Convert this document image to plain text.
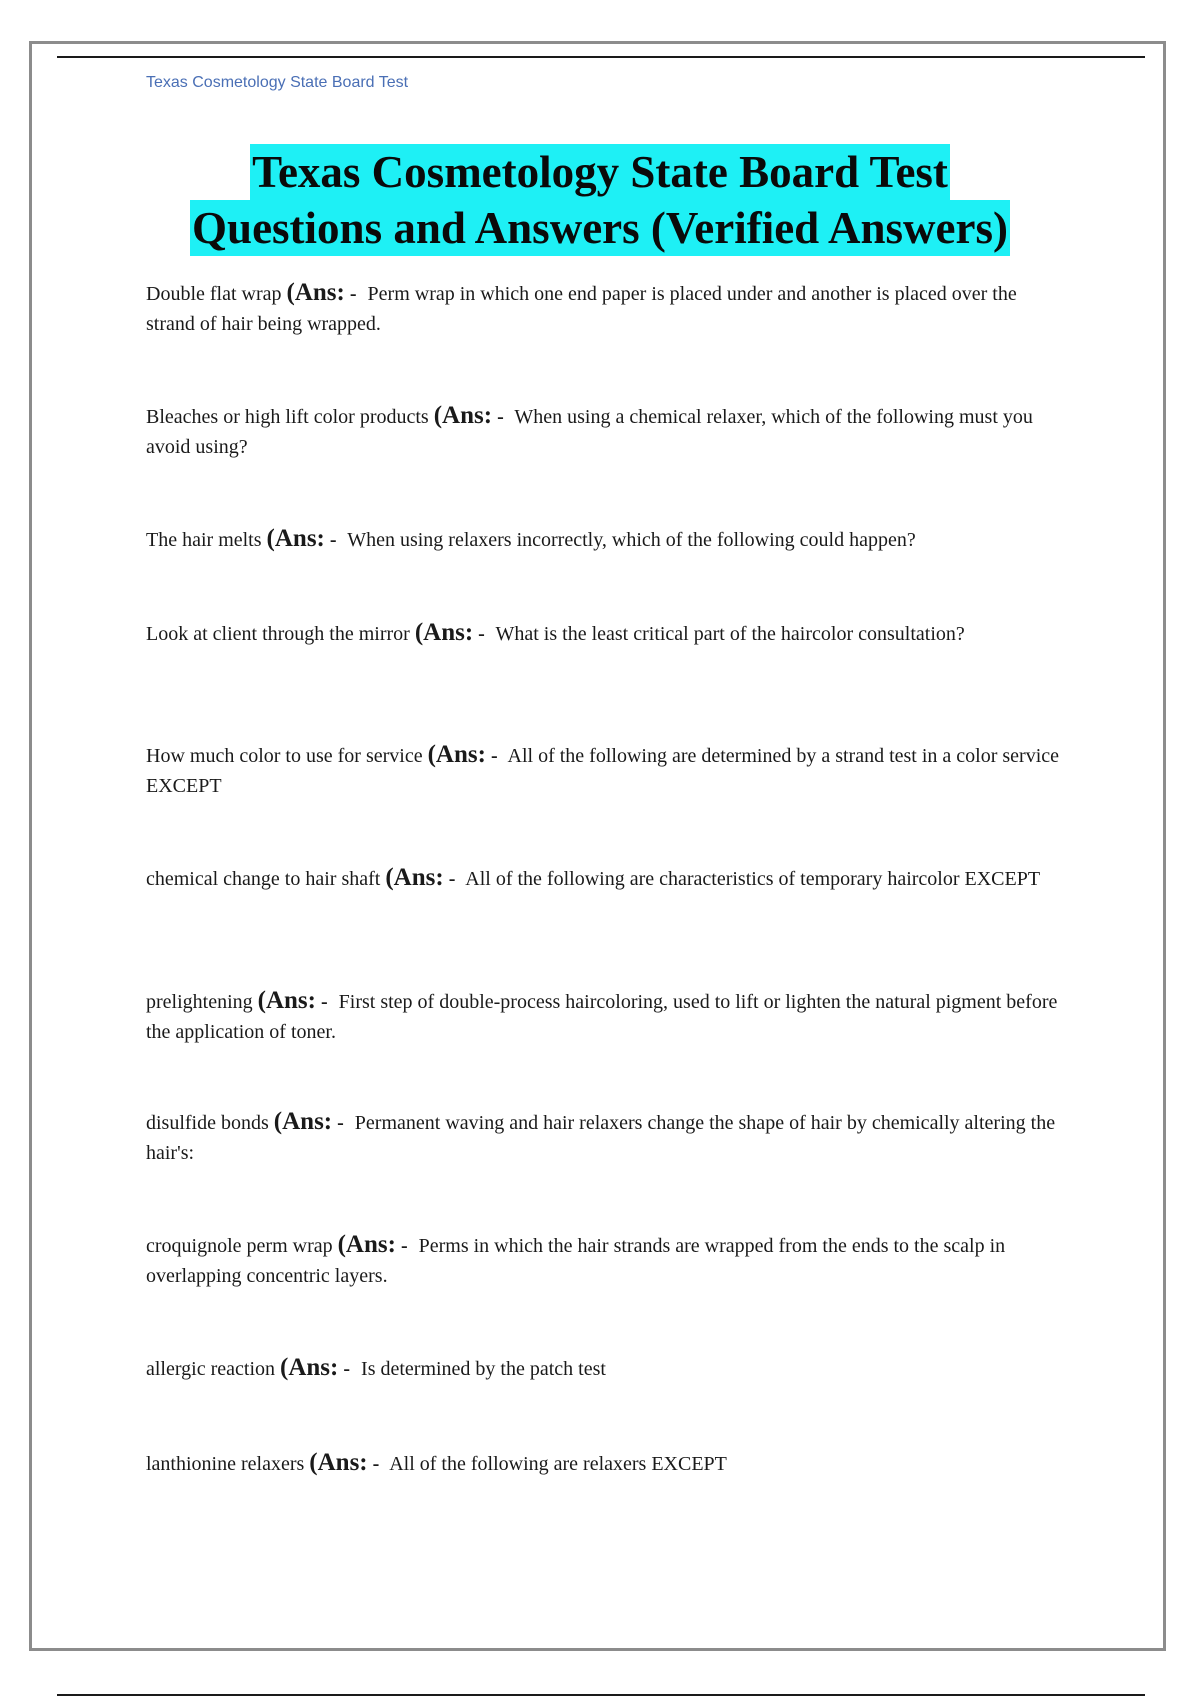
Texas Cosmetology State Board Test
Texas Cosmetology State Board Test
Questions and Answers (Verified Answers)
Double flat wrap (Ans: - Perm wrap in which one end paper is placed under and another is placed over the strand of hair being wrapped.
Bleaches or high lift color products (Ans: - When using a chemical relaxer, which of the following must you avoid using?
The hair melts (Ans: - When using relaxers incorrectly, which of the following could happen?
Look at client through the mirror (Ans: - What is the least critical part of the haircolor consultation?
How much color to use for service (Ans: - All of the following are determined by a strand test in a color service EXCEPT
chemical change to hair shaft (Ans: - All of the following are characteristics of temporary haircolor EXCEPT
prelightening (Ans: - First step of double-process haircoloring, used to lift or lighten the natural pigment before the application of toner.
disulfide bonds (Ans: - Permanent waving and hair relaxers change the shape of hair by chemically altering the hair's:
croquignole perm wrap (Ans: - Perms in which the hair strands are wrapped from the ends to the scalp in overlapping concentric layers.
allergic reaction (Ans: - Is determined by the patch test
lanthionine relaxers (Ans: - All of the following are relaxers EXCEPT
